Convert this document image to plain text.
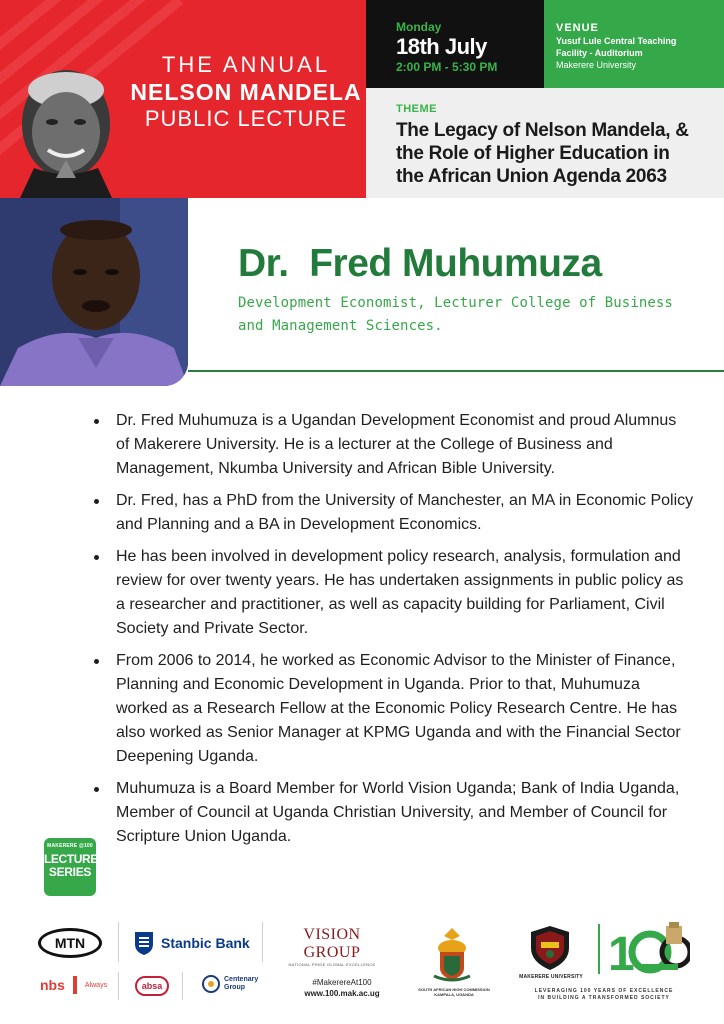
THE ANNUAL
NELSON MANDELA
PUBLIC LECTURE
Monday
18th July
2:00 PM - 5:30 PM
VENUE
Yusuf Lule Central Teaching
Facility - Auditorium
Makerere University
THEME
The Legacy of Nelson Mandela, &
the Role of Higher Education in
the African Union Agenda 2063
Dr.  Fred Muhumuza
Development Economist, Lecturer College of Business
and Management Sciences.
Dr. Fred Muhumuza is a Ugandan Development Economist and proud Alumnus of Makerere University. He is a lecturer at the College of Business and Management, Nkumba University and African Bible University.
Dr. Fred, has a PhD from the University of Manchester, an MA in Economic Policy and Planning and a BA in Development Economics.
He has been involved in development policy research, analysis, formulation and review for over twenty years. He has undertaken assignments in public policy as a researcher and practitioner, as well as capacity building for Parliament, Civil Society and Private Sector.
From 2006 to 2014, he worked as Economic Advisor to the Minister of Finance, Planning and Economic Development in Uganda. Prior to that, Muhumuza worked as a Research Fellow at the Economic Policy Research Centre. He has also worked as Senior Manager at KPMG Uganda and with the Financial Sector Deepening Uganda.
Muhumuza is a Board Member for World Vision Uganda; Bank of India Uganda, Member of Council at Uganda Christian University, and Member of Council for Scripture Union Uganda.
MAKERERE @100
LECTURE
SERIES
MTN	Stanbic Bank	VISION GROUP
NATIONAL PRIDE GLOBAL EXCELLENCE
nbs	Always	absa
Centenary
Group
#MakerereAt100
www.100.mak.ac.ug	SOUTH AFRICAN HIGH COMMISSION
KAMPALA, UGANDA
MAKERERE UNIVERSITY 1
LEVERAGING 100 YEARS OF EXCELLENCE
IN BUILDING A TRANSFORMED SOCIETY
